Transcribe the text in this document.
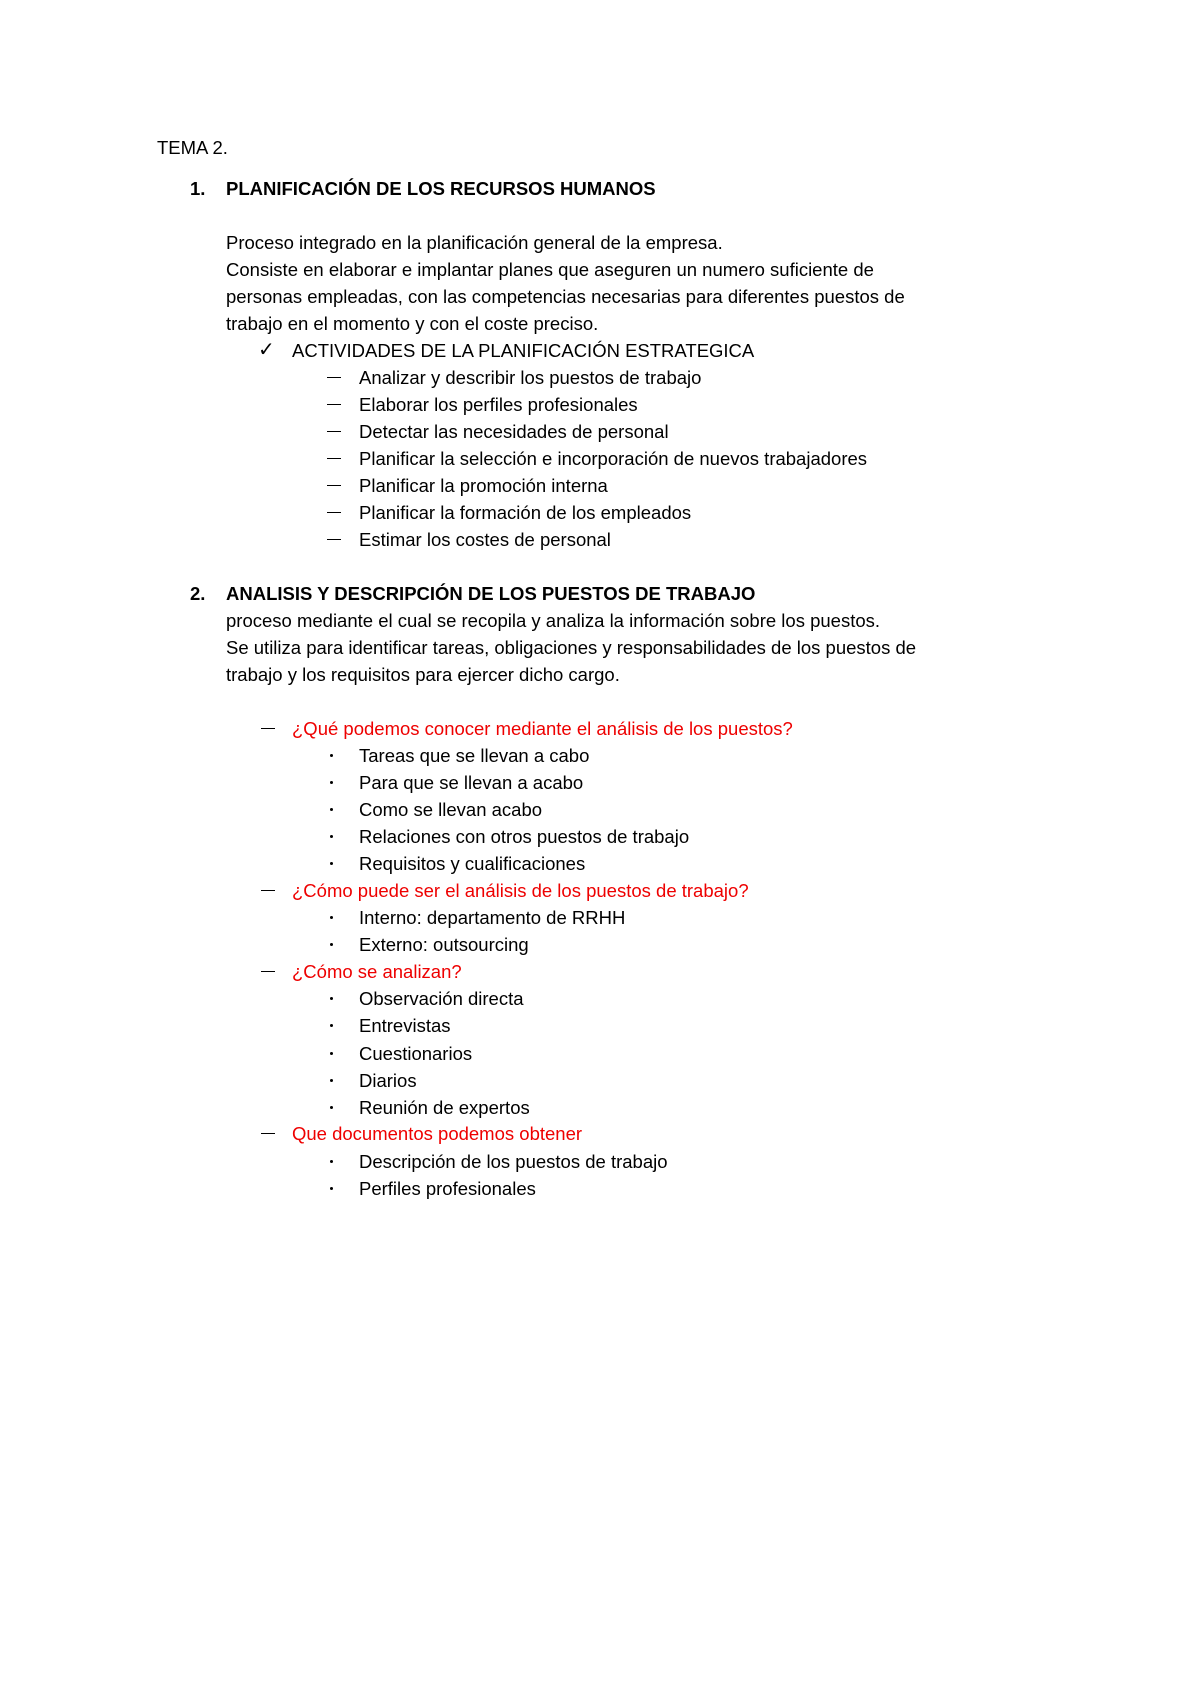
TEMA 2.
1. PLANIFICACIÓN DE LOS RECURSOS HUMANOS
Proceso integrado en la planificación general de la empresa.
Consiste en elaborar e implantar planes que aseguren un numero suficiente de
personas empleadas, con las competencias necesarias para diferentes puestos de
trabajo en el momento y con el coste preciso.
✓ ACTIVIDADES DE LA PLANIFICACIÓN ESTRATEGICA
Analizar y describir los puestos de trabajo
Elaborar los perfiles profesionales
Detectar las necesidades de personal
Planificar la selección e incorporación de nuevos trabajadores
Planificar la promoción interna
Planificar la formación de los empleados
Estimar los costes de personal
2. ANALISIS Y DESCRIPCIÓN DE LOS PUESTOS DE TRABAJO
proceso mediante el cual se recopila y analiza la información sobre los puestos.
Se utiliza para identificar tareas, obligaciones y responsabilidades de los puestos de
trabajo y los requisitos para ejercer dicho cargo.
¿Qué podemos conocer mediante el análisis de los puestos?
Tareas que se llevan a cabo
Para que se llevan a acabo
Como se llevan acabo
Relaciones con otros puestos de trabajo
Requisitos y cualificaciones
¿Cómo puede ser el análisis de los puestos de trabajo?
Interno: departamento de RRHH
Externo: outsourcing
¿Cómo se analizan?
Observación directa
Entrevistas
Cuestionarios
Diarios
Reunión de expertos
Que documentos podemos obtener
Descripción de los puestos de trabajo
Perfiles profesionales
